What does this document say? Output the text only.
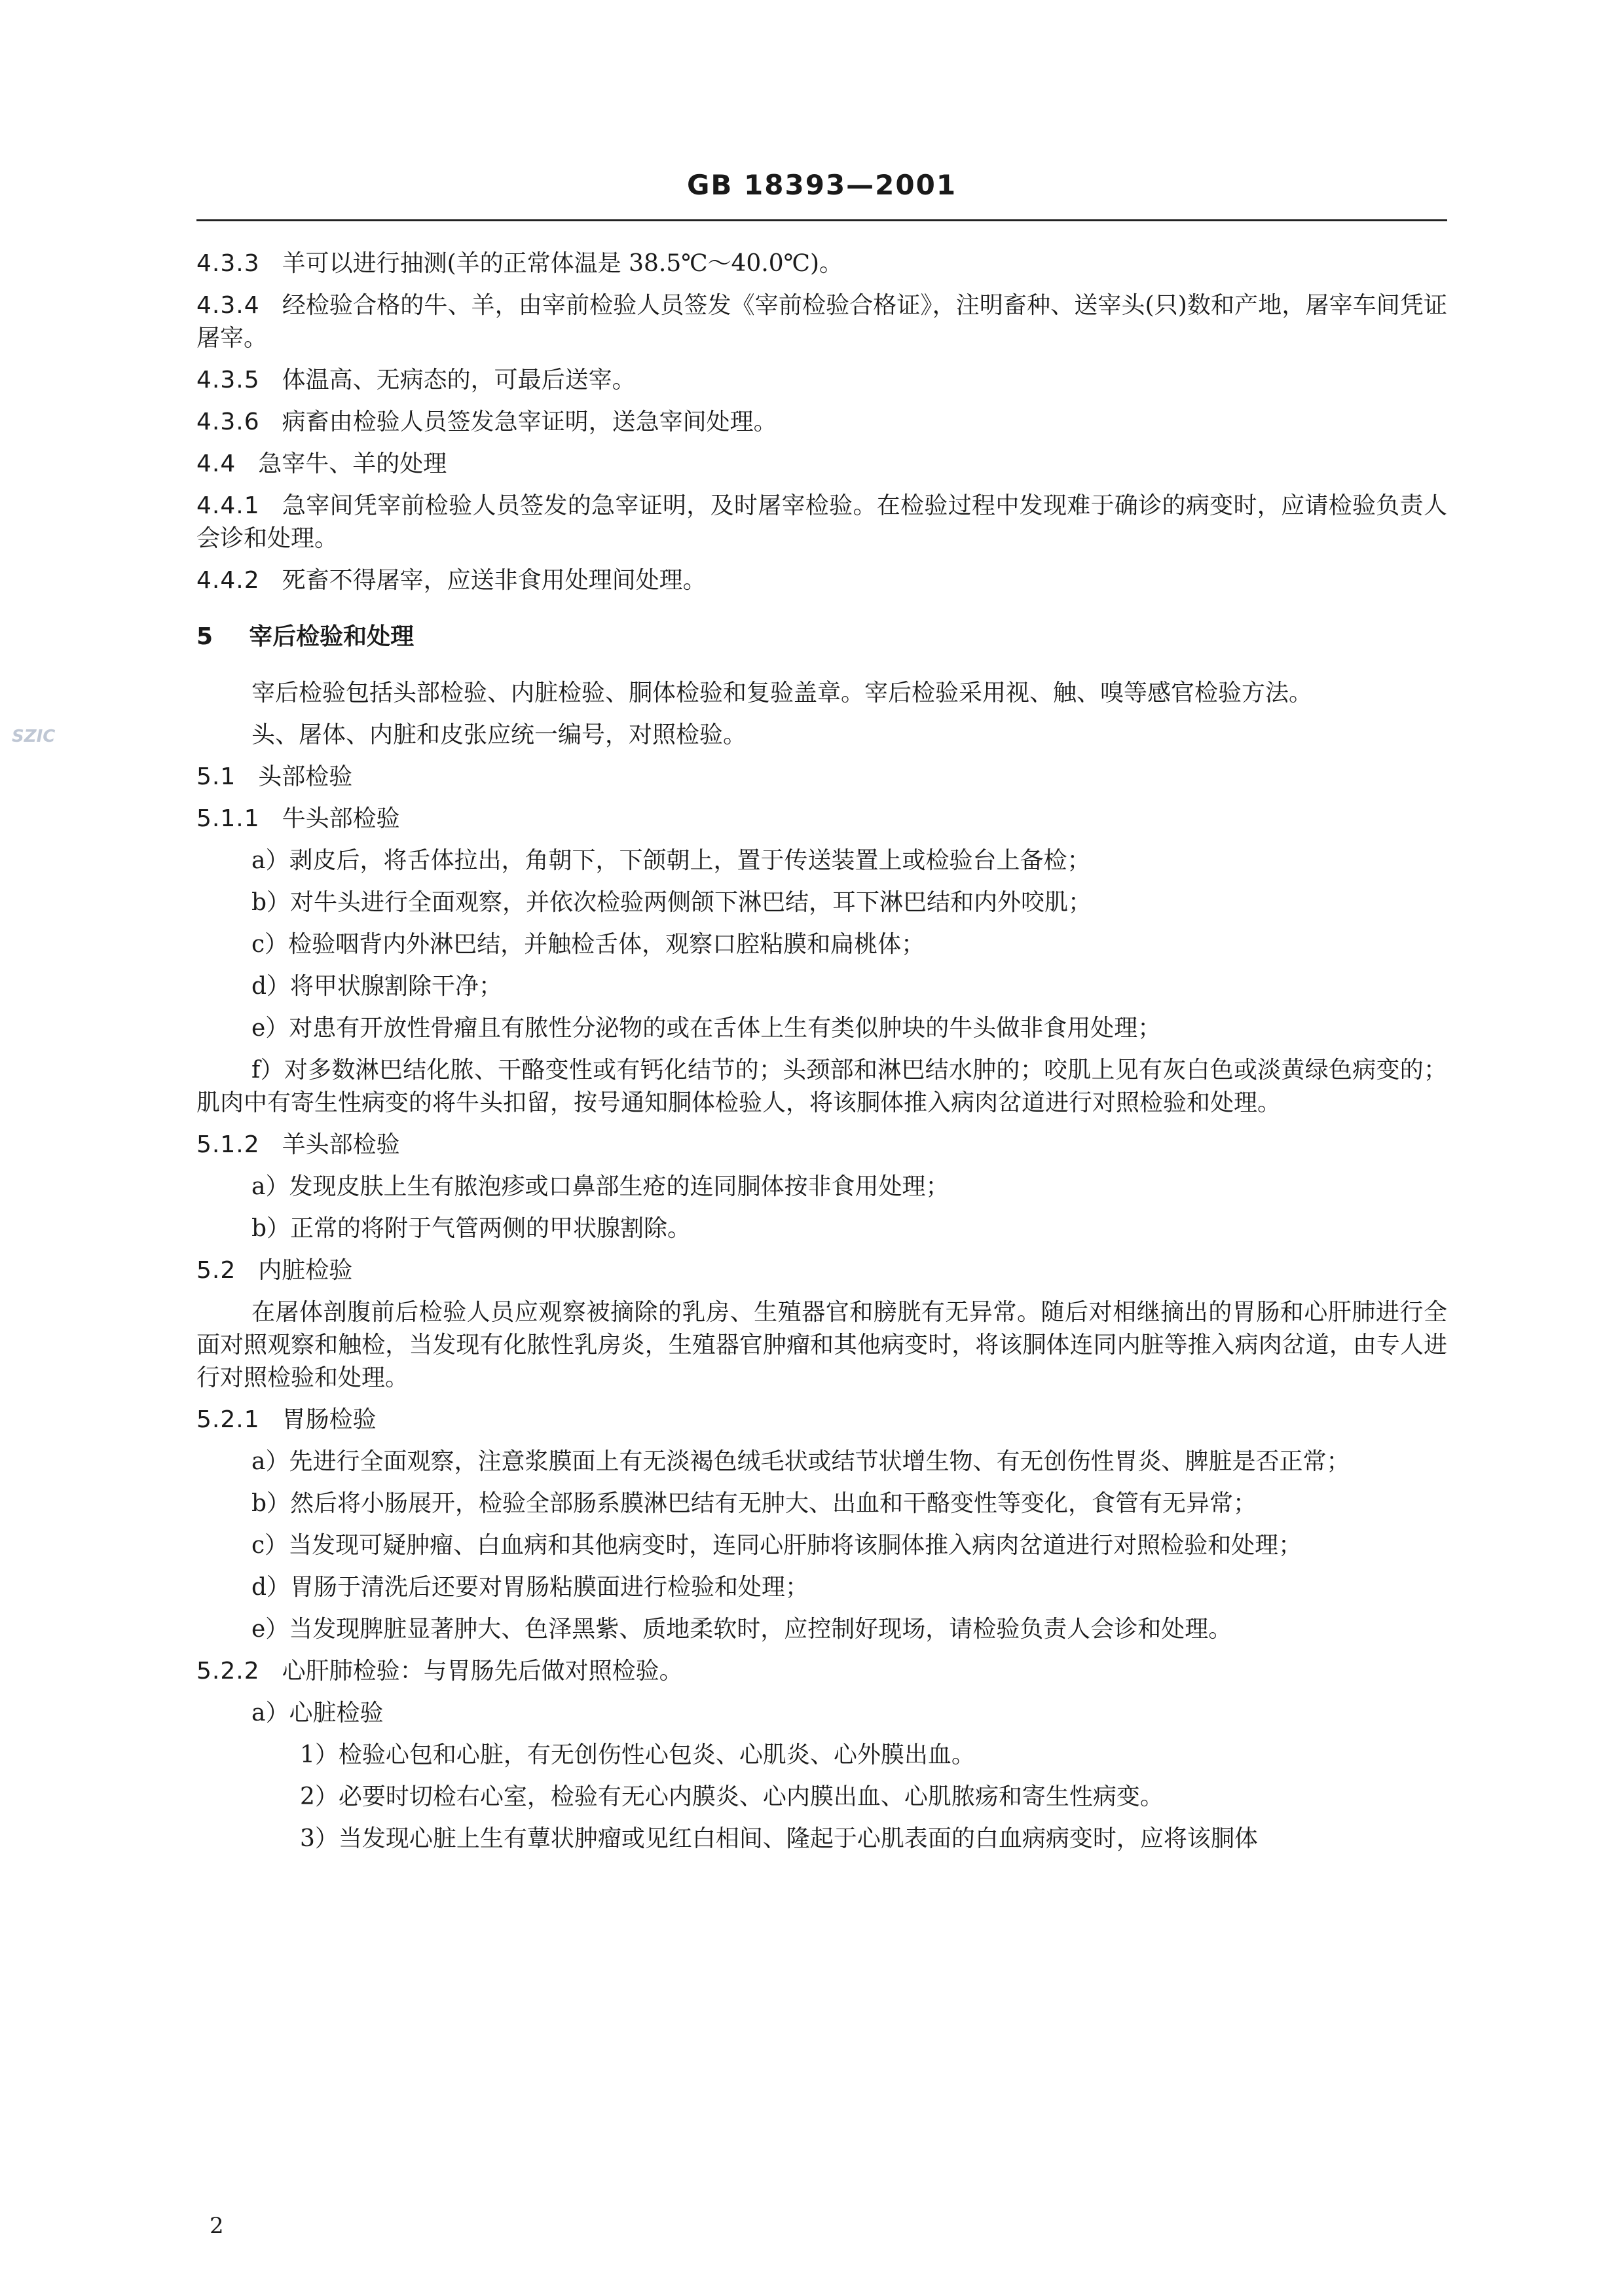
SZIC
GB 18393—2001
4.3.3 羊可以进行抽测(羊的正常体温是 38.5℃～40.0℃)。
4.3.4 经检验合格的牛、羊，由宰前检验人员签发《宰前检验合格证》，注明畜种、送宰头(只)数和产地，屠宰车间凭证屠宰。
4.3.5 体温高、无病态的，可最后送宰。
4.3.6 病畜由检验人员签发急宰证明，送急宰间处理。
4.4 急宰牛、羊的处理
4.4.1 急宰间凭宰前检验人员签发的急宰证明，及时屠宰检验。在检验过程中发现难于确诊的病变时，应请检验负责人会诊和处理。
4.4.2 死畜不得屠宰，应送非食用处理间处理。
5 宰后检验和处理
宰后检验包括头部检验、内脏检验、胴体检验和复验盖章。宰后检验采用视、触、嗅等感官检验方法。
头、屠体、内脏和皮张应统一编号，对照检验。
5.1 头部检验
5.1.1 牛头部检验
a）剥皮后，将舌体拉出，角朝下，下颌朝上，置于传送装置上或检验台上备检；
b）对牛头进行全面观察，并依次检验两侧颌下淋巴结，耳下淋巴结和内外咬肌；
c）检验咽背内外淋巴结，并触检舌体，观察口腔粘膜和扁桃体；
d）将甲状腺割除干净；
e）对患有开放性骨瘤且有脓性分泌物的或在舌体上生有类似肿块的牛头做非食用处理；
f）对多数淋巴结化脓、干酪变性或有钙化结节的；头颈部和淋巴结水肿的；咬肌上见有灰白色或淡黄绿色病变的；肌肉中有寄生性病变的将牛头扣留，按号通知胴体检验人，将该胴体推入病肉岔道进行对照检验和处理。
5.1.2 羊头部检验
a）发现皮肤上生有脓泡疹或口鼻部生疮的连同胴体按非食用处理；
b）正常的将附于气管两侧的甲状腺割除。
5.2 内脏检验
在屠体剖腹前后检验人员应观察被摘除的乳房、生殖器官和膀胱有无异常。随后对相继摘出的胃肠和心肝肺进行全面对照观察和触检，当发现有化脓性乳房炎，生殖器官肿瘤和其他病变时，将该胴体连同内脏等推入病肉岔道，由专人进行对照检验和处理。
5.2.1 胃肠检验
a）先进行全面观察，注意浆膜面上有无淡褐色绒毛状或结节状增生物、有无创伤性胃炎、脾脏是否正常；
b）然后将小肠展开，检验全部肠系膜淋巴结有无肿大、出血和干酪变性等变化，食管有无异常；
c）当发现可疑肿瘤、白血病和其他病变时，连同心肝肺将该胴体推入病肉岔道进行对照检验和处理；
d）胃肠于清洗后还要对胃肠粘膜面进行检验和处理；
e）当发现脾脏显著肿大、色泽黑紫、质地柔软时，应控制好现场，请检验负责人会诊和处理。
5.2.2 心肝肺检验：与胃肠先后做对照检验。
a）心脏检验
1）检验心包和心脏，有无创伤性心包炎、心肌炎、心外膜出血。
2）必要时切检右心室，检验有无心内膜炎、心内膜出血、心肌脓疡和寄生性病变。
3）当发现心脏上生有蕈状肿瘤或见红白相间、隆起于心肌表面的白血病病变时，应将该胴体
2
